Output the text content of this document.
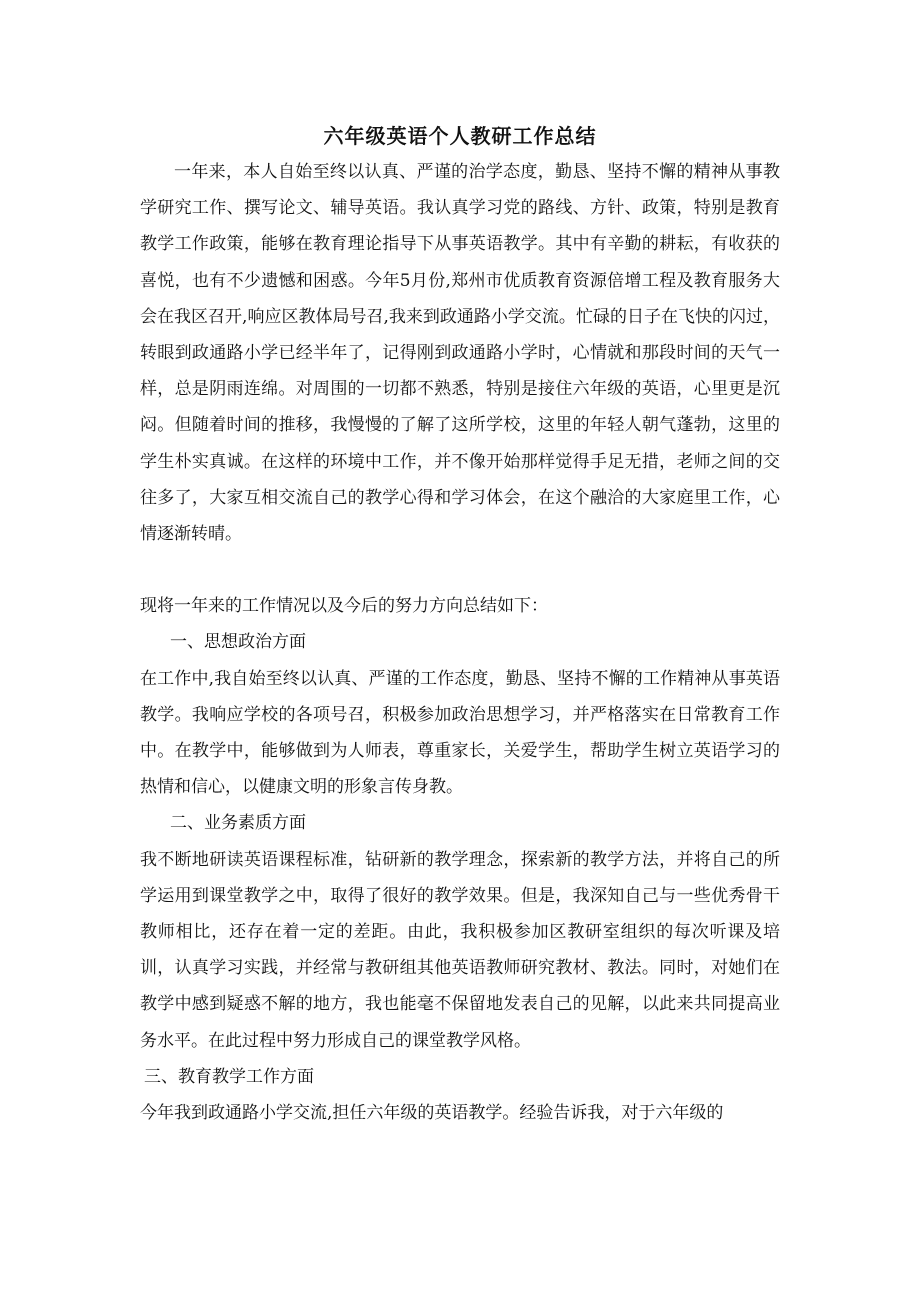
六年级英语个人教研工作总结

一年来，本人自始至终以认真、严谨的治学态度，勤恳、坚持不懈的精神从事教学研究工作、撰写论文、辅导英语。我认真学习党的路线、方针、政策，特别是教育教学工作政策，能够在教育理论指导下从事英语教学。其中有辛勤的耕耘，有收获的喜悦，也有不少遗憾和困惑。今年5月份,郑州市优质教育资源倍增工程及教育服务大会在我区召开,响应区教体局号召,我来到政通路小学交流。忙碌的日子在飞快的闪过，转眼到政通路小学已经半年了，记得刚到政通路小学时，心情就和那段时间的天气一样，总是阴雨连绵。对周围的一切都不熟悉，特别是接住六年级的英语，心里更是沉闷。但随着时间的推移，我慢慢的了解了这所学校，这里的年轻人朝气蓬勃，这里的学生朴实真诚。在这样的环境中工作，并不像开始那样觉得手足无措，老师之间的交往多了，大家互相交流自己的教学心得和学习体会，在这个融洽的大家庭里工作，心情逐渐转晴。

现将一年来的工作情况以及今后的努力方向总结如下：

一、思想政治方面

在工作中,我自始至终以认真、严谨的工作态度，勤恳、坚持不懈的工作精神从事英语教学。我响应学校的各项号召，积极参加政治思想学习，并严格落实在日常教育工作中。在教学中，能够做到为人师表，尊重家长，关爱学生，帮助学生树立英语学习的热情和信心，以健康文明的形象言传身教。

二、业务素质方面

我不断地研读英语课程标准，钻研新的教学理念，探索新的教学方法，并将自己的所学运用到课堂教学之中，取得了很好的教学效果。但是，我深知自己与一些优秀骨干教师相比，还存在着一定的差距。由此，我积极参加区教研室组织的每次听课及培训，认真学习实践，并经常与教研组其他英语教师研究教材、教法。同时，对她们在教学中感到疑惑不解的地方，我也能毫不保留地发表自己的见解，以此来共同提高业务水平。在此过程中努力形成自己的课堂教学风格。

三、教育教学工作方面

今年我到政通路小学交流,担任六年级的英语教学。经验告诉我，对于六年级的
